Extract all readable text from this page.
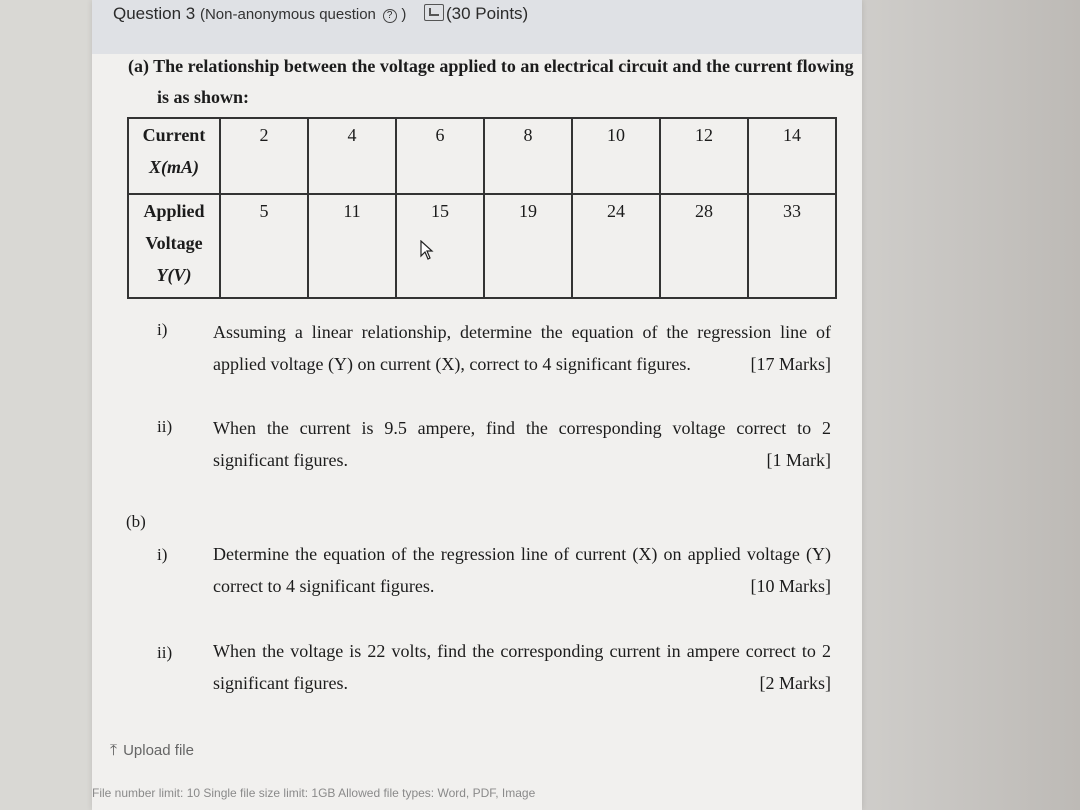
Question 3 (Non-anonymous question ? )	(30 Points)
(a) The relationship between the voltage applied to an electrical circuit and the current flowing
is as shown:
Current
X(mA)	2	4	6	8	10	12	14
Applied
Voltage
Y(V)	5	11	15	19	24	28	33
i)	Assuming a linear relationship, determine the equation of the regression line of applied voltage (Y) on current (X), correct to 4 significant figures.	[17 Marks]
ii) When the current is 9.5 ampere, find the corresponding voltage correct to 2 significant figures.	[1 Mark]
(b)
i)	Determine the equation of the regression line of current (X) on applied voltage (Y) correct to 4 significant figures.	[10 Marks]
ii) When the voltage is 22 volts, find the corresponding current in ampere correct to 2 significant figures.	[2 Marks]
⤒ Upload file
File number limit: 10 Single file size limit: 1GB Allowed file types: Word, PDF, Image
